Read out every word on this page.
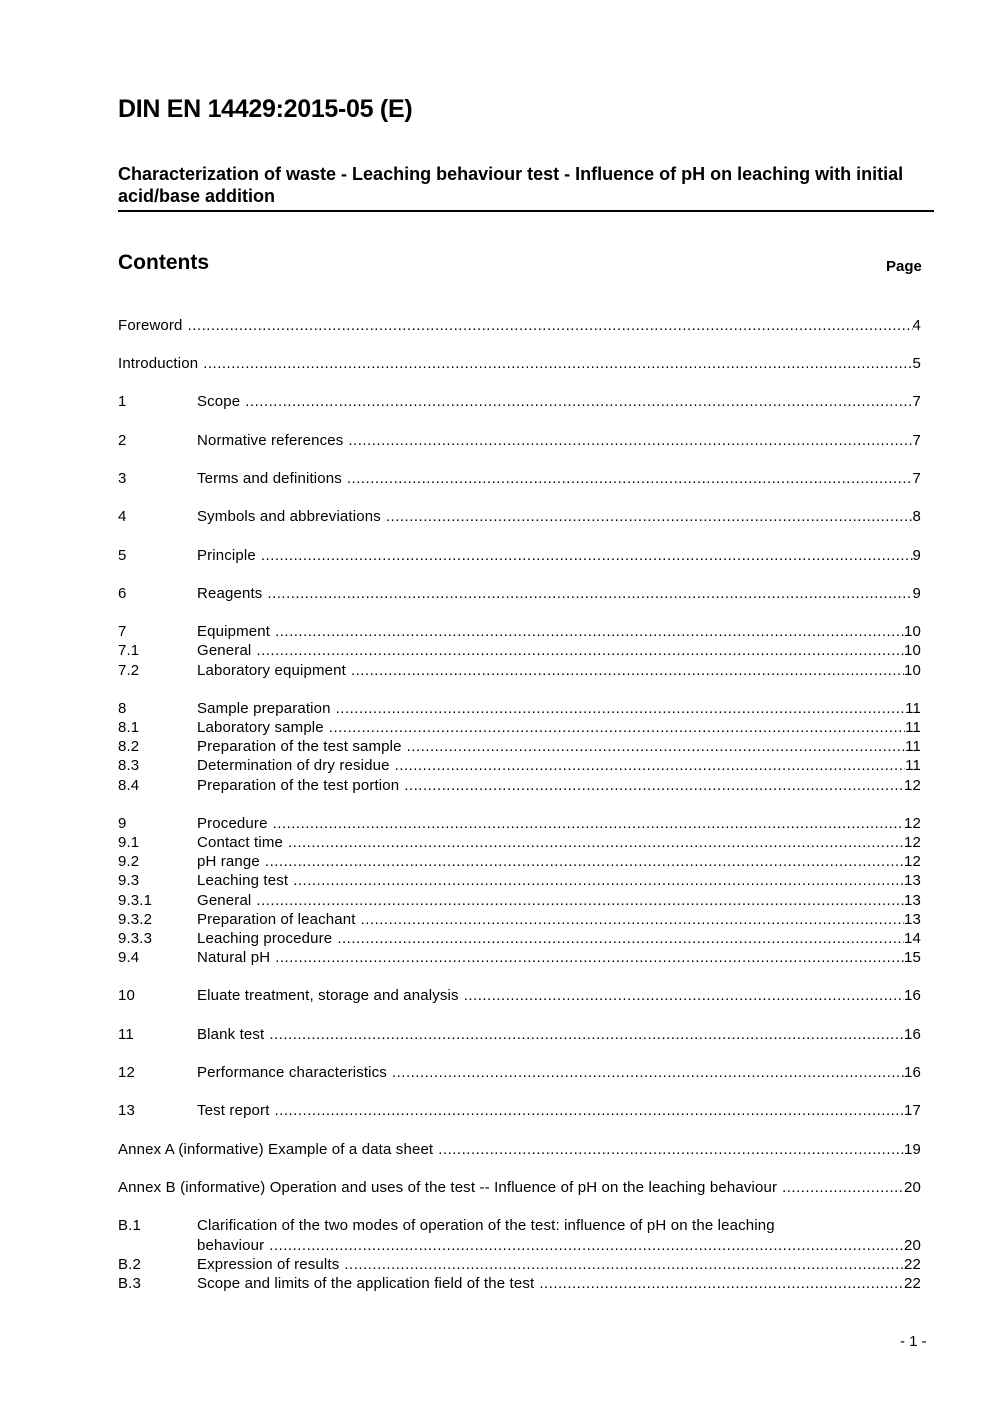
DIN EN 14429:2015-05 (E)
Characterization of waste - Leaching behaviour test - Influence of pH on leaching with initial acid/base addition
Contents	Page
Foreword .....	4
Introduction .....	5
1	Scope .....	7
2	Normative references .....	7
3	Terms and definitions .....	7
4	Symbols and abbreviations .....	8
5	Principle .....	9
6	Reagents .....	9
7	Equipment .....	10
7.1	General .....	10
7.2	Laboratory equipment .....	10
8	Sample preparation .....	11
8.1	Laboratory sample .....	11
8.2	Preparation of the test sample .....	11
8.3	Determination of dry residue .....	11
8.4	Preparation of the test portion .....	12
9	Procedure .....	12
9.1	Contact time .....	12
9.2	pH range .....	12
9.3	Leaching test .....	13
9.3.1	General .....	13
9.3.2	Preparation of leachant .....	13
9.3.3	Leaching procedure .....	14
9.4	Natural pH .....	15
10	Eluate treatment, storage and analysis .....	16
11	Blank test .....	16
12	Performance characteristics .....	16
13	Test report .....	17
Annex A (informative) Example of a data sheet .....	19
Annex B (informative) Operation and uses of the test -- Influence of pH on the leaching behaviour .....	20
B.1	Clarification of the two modes of operation of the test: influence of pH on the leaching
behaviour .....	20
B.2	Expression of results .....	22
B.3	Scope and limits of the application field of the test .....	22
- 1 -
